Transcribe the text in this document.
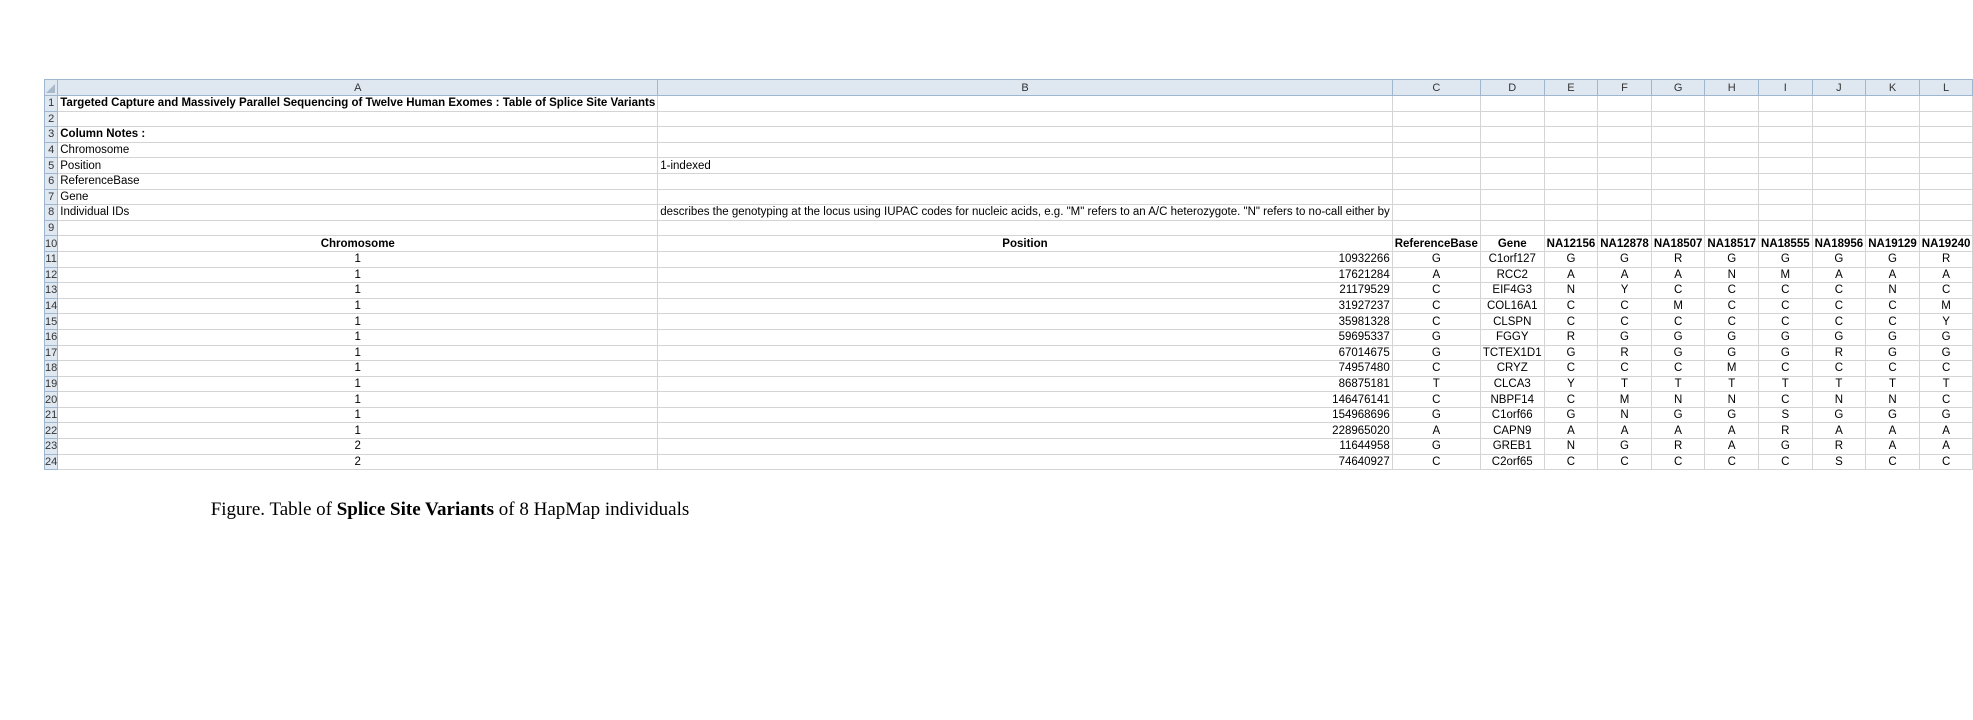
	A	B	C	D	E	F	G	H	I	J	K	L
1	Targeted Capture and Massively Parallel Sequencing of Twelve Human Exomes : Table of Splice Site Variants											
2												
3	Column Notes :											
4	Chromosome											
5	Position	1-indexed										
6	ReferenceBase											
7	Gene											
8	Individual IDs	describes the genotyping at the locus using IUPAC codes for nucleic acids, e.g. "M" refers to an A/C heterozygote. "N" refers to no-call either by										
9												
10	Chromosome	Position	ReferenceBase	Gene	NA12156	NA12878	NA18507	NA18517	NA18555	NA18956	NA19129	NA19240
11	1	10932266	G	C1orf127	G	G	R	G	G	G	G	R
12	1	17621284	A	RCC2	A	A	A	N	M	A	A	A
13	1	21179529	C	EIF4G3	N	Y	C	C	C	C	N	C
14	1	31927237	C	COL16A1	C	C	M	C	C	C	C	M
15	1	35981328	C	CLSPN	C	C	C	C	C	C	C	Y
16	1	59695337	G	FGGY	R	G	G	G	G	G	G	G
17	1	67014675	G	TCTEX1D1	G	R	G	G	G	R	G	G
18	1	74957480	C	CRYZ	C	C	C	M	C	C	C	C
19	1	86875181	T	CLCA3	Y	T	T	T	T	T	T	T
20	1	146476141	C	NBPF14	C	M	N	N	C	N	N	C
21	1	154968696	G	C1orf66	G	N	G	G	S	G	G	G
22	1	228965020	A	CAPN9	A	A	A	A	R	A	A	A
23	2	11644958	G	GREB1	N	G	R	A	G	R	A	A
24	2	74640927	C	C2orf65	C	C	C	C	C	S	C	C
Figure. Table of Splice Site Variants of 8 HapMap individuals
